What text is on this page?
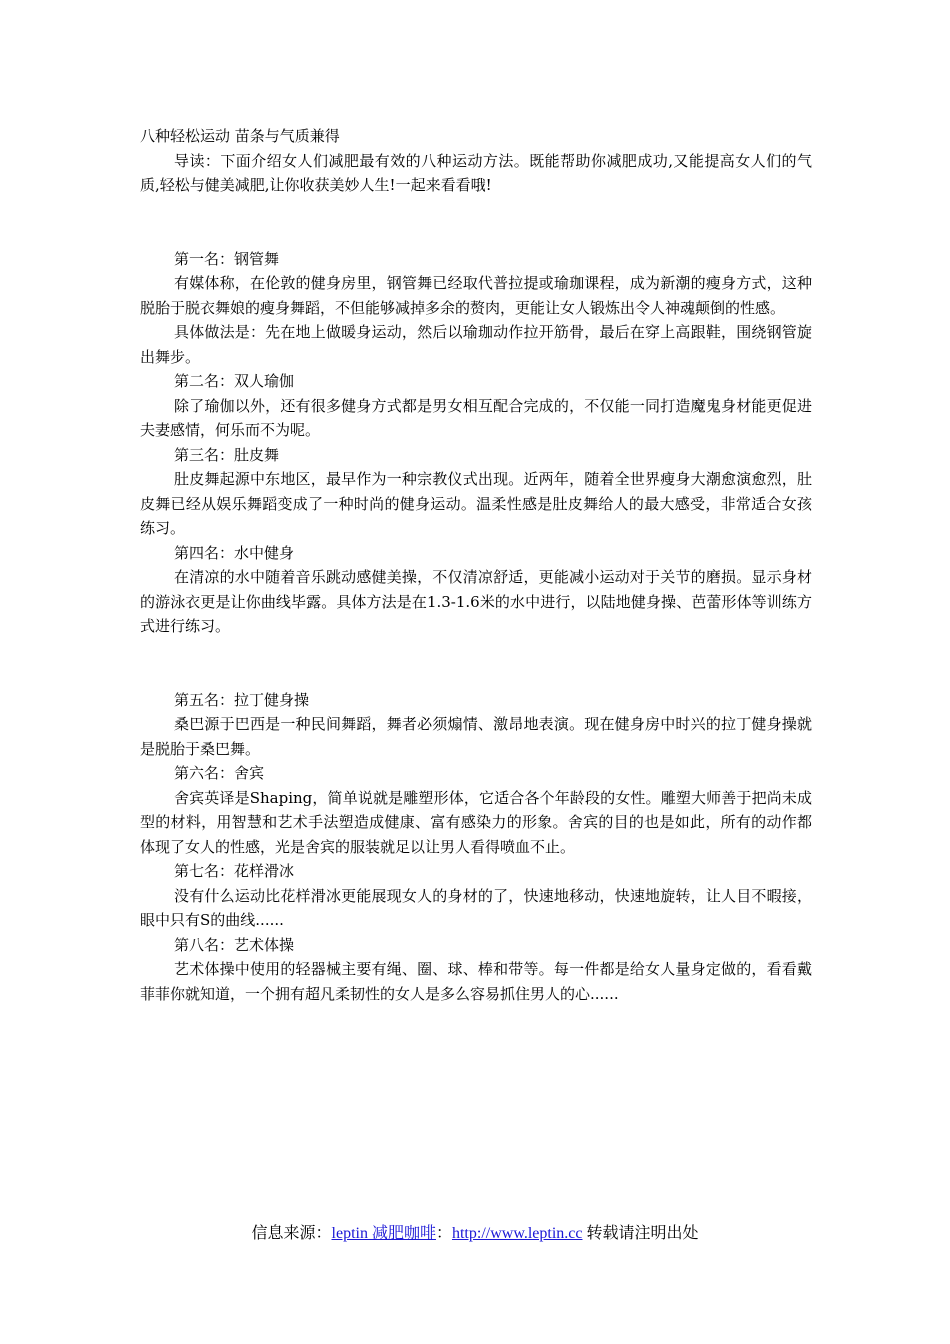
八种轻松运动 苗条与气质兼得

导读：下面介绍女人们减肥最有效的八种运动方法。既能帮助你减肥成功,又能提高女人们的气质,轻松与健美减肥,让你收获美妙人生!一起来看看哦!

第一名：钢管舞

有媒体称，在伦敦的健身房里，钢管舞已经取代普拉提或瑜珈课程，成为新潮的瘦身方式，这种脱胎于脱衣舞娘的瘦身舞蹈，不但能够减掉多余的赘肉，更能让女人锻炼出令人神魂颠倒的性感。

具体做法是：先在地上做暖身运动，然后以瑜珈动作拉开筋骨，最后在穿上高跟鞋，围绕钢管旋出舞步。

第二名：双人瑜伽

除了瑜伽以外，还有很多健身方式都是男女相互配合完成的，不仅能一同打造魔鬼身材能更促进夫妻感情，何乐而不为呢。

第三名：肚皮舞

肚皮舞起源中东地区，最早作为一种宗教仪式出现。近两年，随着全世界瘦身大潮愈演愈烈，肚皮舞已经从娱乐舞蹈变成了一种时尚的健身运动。温柔性感是肚皮舞给人的最大感受，非常适合女孩练习。

第四名：水中健身

在清凉的水中随着音乐跳动感健美操，不仅清凉舒适，更能减小运动对于关节的磨损。显示身材的游泳衣更是让你曲线毕露。具体方法是在1.3-1.6米的水中进行，以陆地健身操、芭蕾形体等训练方式进行练习。

第五名：拉丁健身操

桑巴源于巴西是一种民间舞蹈，舞者必须煽情、激昂地表演。现在健身房中时兴的拉丁健身操就是脱胎于桑巴舞。

第六名：舍宾

舍宾英译是Shaping，简单说就是雕塑形体，它适合各个年龄段的女性。雕塑大师善于把尚未成型的材料，用智慧和艺术手法塑造成健康、富有感染力的形象。舍宾的目的也是如此，所有的动作都体现了女人的性感，光是舍宾的服装就足以让男人看得喷血不止。

第七名：花样滑冰

没有什么运动比花样滑冰更能展现女人的身材的了，快速地移动，快速地旋转，让人目不暇接，眼中只有S的曲线......

第八名：艺术体操

艺术体操中使用的轻器械主要有绳、圈、球、棒和带等。每一件都是给女人量身定做的，看看戴菲菲你就知道，一个拥有超凡柔韧性的女人是多么容易抓住男人的心......

信息来源：leptin 减肥咖啡：http://www.leptin.cc 转载请注明出处
